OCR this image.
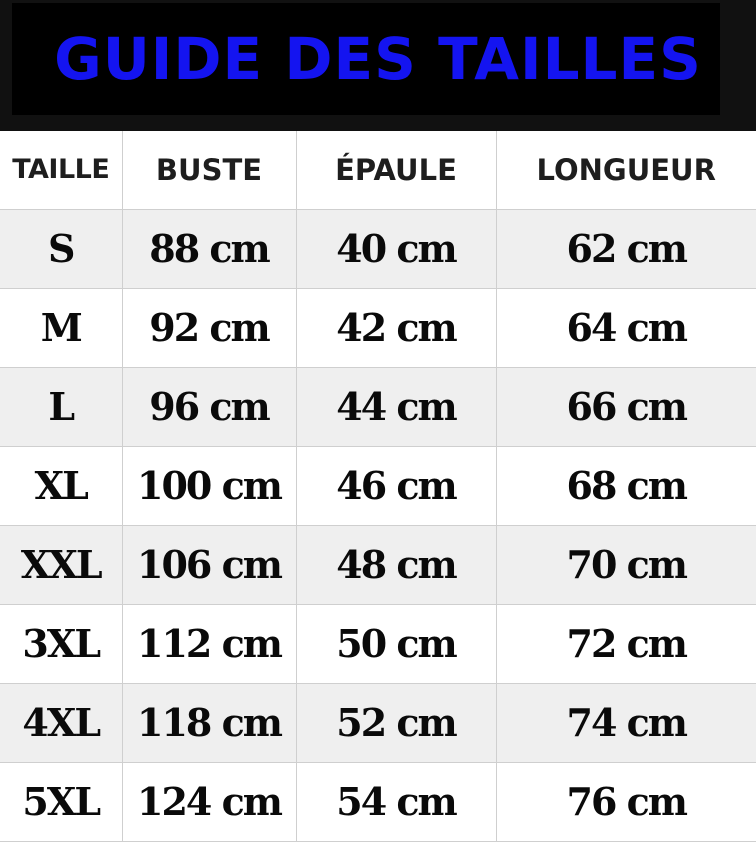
GUIDE DES TAILLES
TAILLE	BUSTE	ÉPAULE	LONGUEUR
S	88 cm	40 cm	62 cm
M	92 cm	42 cm	64 cm
L	96 cm	44 cm	66 cm
XL	100 cm	46 cm	68 cm
XXL	106 cm	48 cm	70 cm
3XL	112 cm	50 cm	72 cm
4XL	118 cm	52 cm	74 cm
5XL	124 cm	54 cm	76 cm
